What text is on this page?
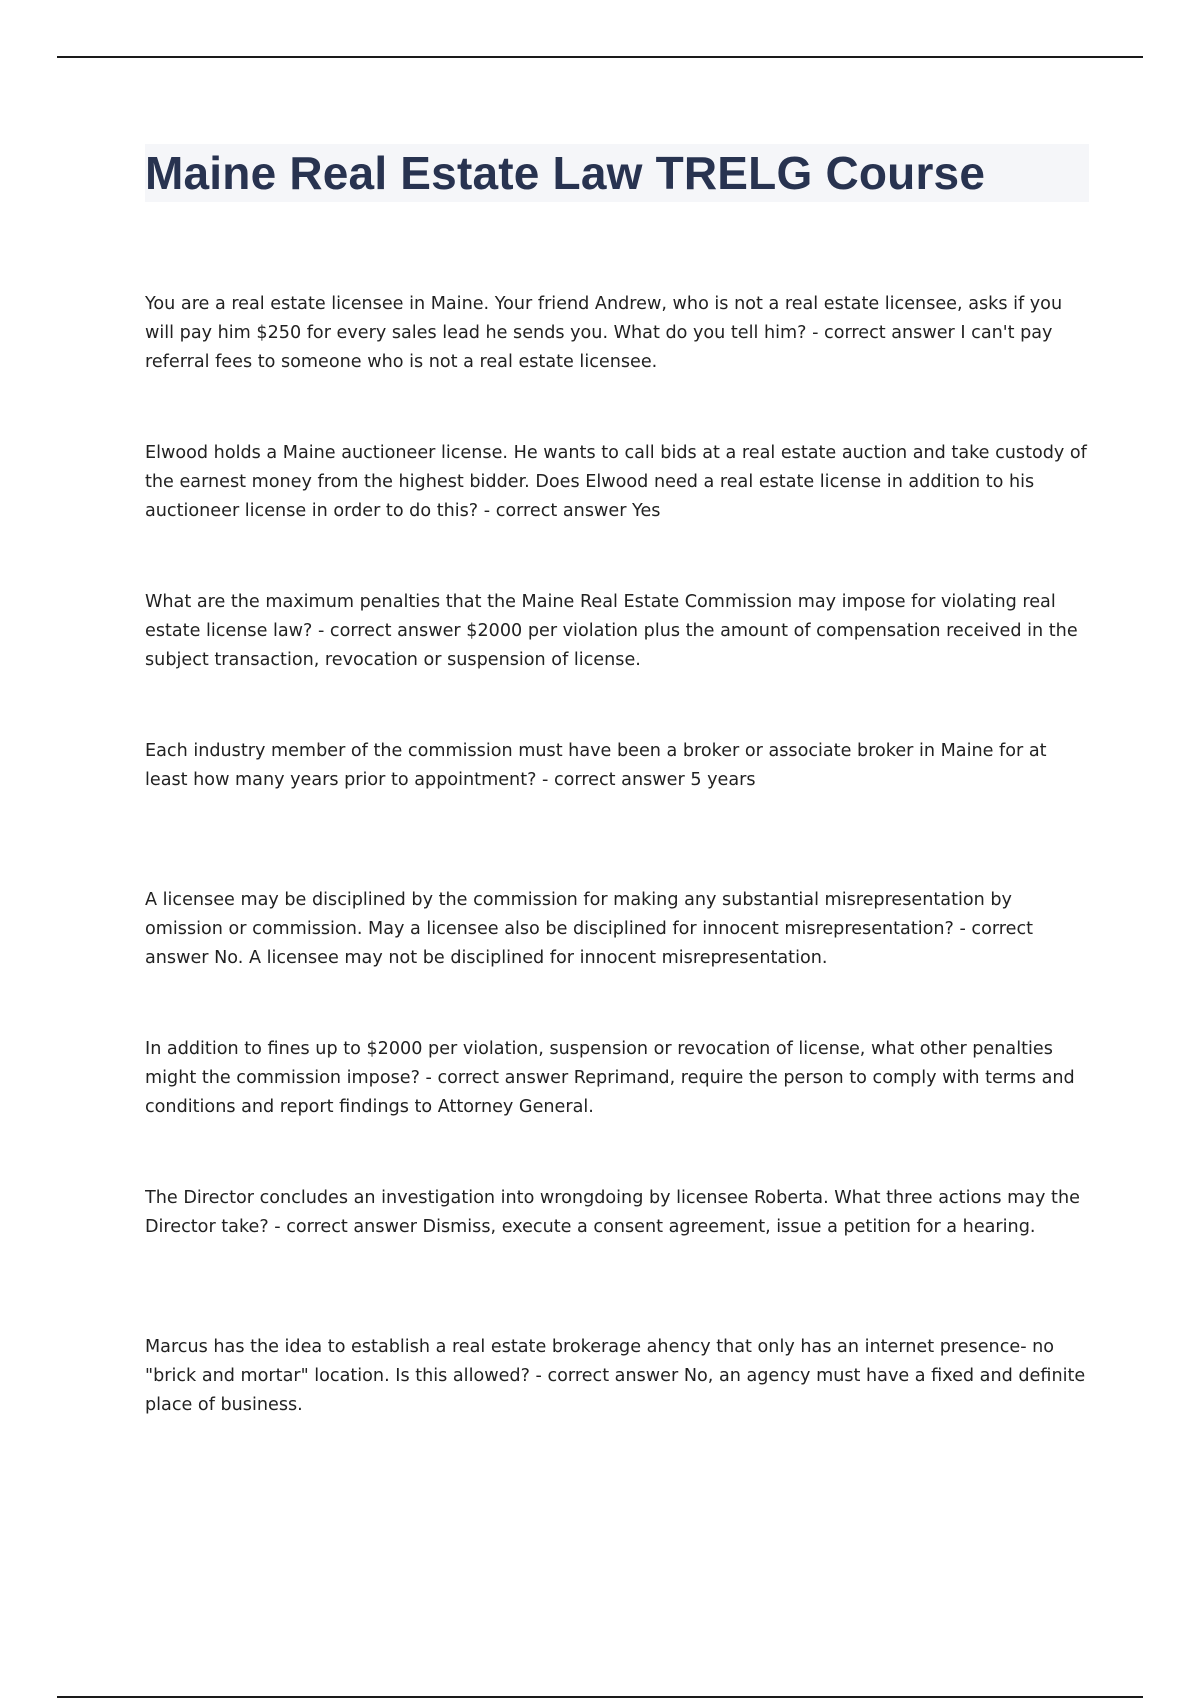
Maine Real Estate Law TRELG Course

You are a real estate licensee in Maine. Your friend Andrew, who is not a real estate licensee, asks if you will pay him $250 for every sales lead he sends you. What do you tell him? - correct answer I can't pay referral fees to someone who is not a real estate licensee.

Elwood holds a Maine auctioneer license. He wants to call bids at a real estate auction and take custody of the earnest money from the highest bidder. Does Elwood need a real estate license in addition to his auctioneer license in order to do this? - correct answer Yes

What are the maximum penalties that the Maine Real Estate Commission may impose for violating real estate license law? - correct answer $2000 per violation plus the amount of compensation received in the subject transaction, revocation or suspension of license.

Each industry member of the commission must have been a broker or associate broker in Maine for at least how many years prior to appointment? - correct answer 5 years

A licensee may be disciplined by the commission for making any substantial misrepresentation by omission or commission. May a licensee also be disciplined for innocent misrepresentation? - correct answer No. A licensee may not be disciplined for innocent misrepresentation.

In addition to fines up to $2000 per violation, suspension or revocation of license, what other penalties might the commission impose? - correct answer Reprimand, require the person to comply with terms and conditions and report findings to Attorney General.

The Director concludes an investigation into wrongdoing by licensee Roberta. What three actions may the Director take? - correct answer Dismiss, execute a consent agreement, issue a petition for a hearing.

Marcus has the idea to establish a real estate brokerage ahency that only has an internet presence- no "brick and mortar" location. Is this allowed? - correct answer No, an agency must have a fixed and definite place of business.
